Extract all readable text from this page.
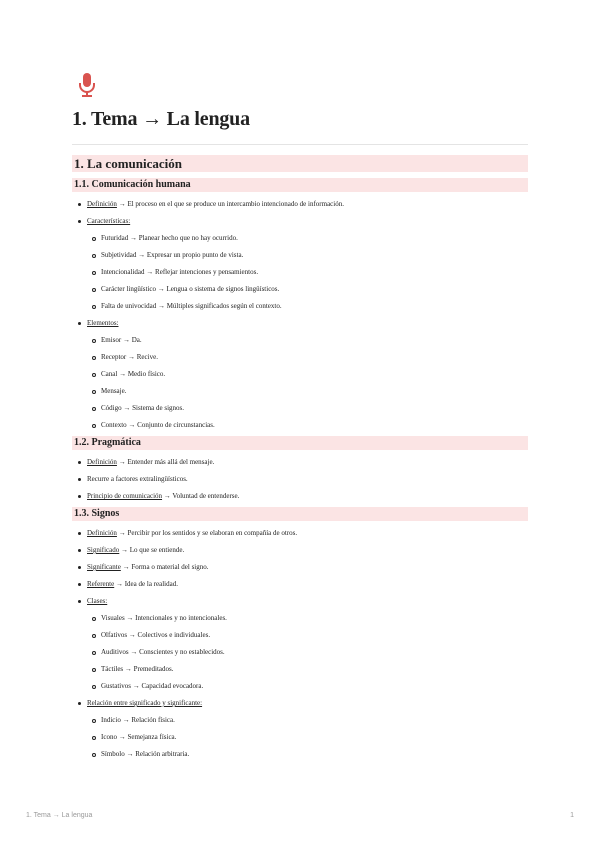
1. Tema → La lengua
1. La comunicación
1.1. Comunicación humana
Definición → El proceso en el que se produce un intercambio intencionado de información.
Características:
Futuridad → Planear hecho que no hay ocurrido.
Subjetividad → Expresar un propio punto de vista.
Intencionalidad → Reflejar intenciones y pensamientos.
Carácter lingüístico → Lengua o sistema de signos lingüísticos.
Falta de univocidad → Múltiples significados según el contexto.
Elementos:
Emisor → Da.
Receptor → Recive.
Canal → Medio físico.
Mensaje.
Código → Sistema de signos.
Contexto → Conjunto de circunstancias.
1.2. Pragmática
Definición → Entender más allá del mensaje.
Recurre a factores extralingüísticos.
Principio de comunicación → Voluntad de entenderse.
1.3. Signos
Definición → Percibir por los sentidos y se elaboran en compañía de otros.
Significado → Lo que se entiende.
Significante → Forma o material del signo.
Referente → Idea de la realidad.
Clases:
Visuales → Intencionales y no intencionales.
Olfativos → Colectivos e individuales.
Auditivos → Conscientes y no establecidos.
Táctiles → Premeditados.
Gustativos → Capacidad evocadora.
Relación entre significado y significante:
Indicio → Relación física.
Icono → Semejanza física.
Símbolo → Relación arbitraria.
1. Tema → La lengua	1
